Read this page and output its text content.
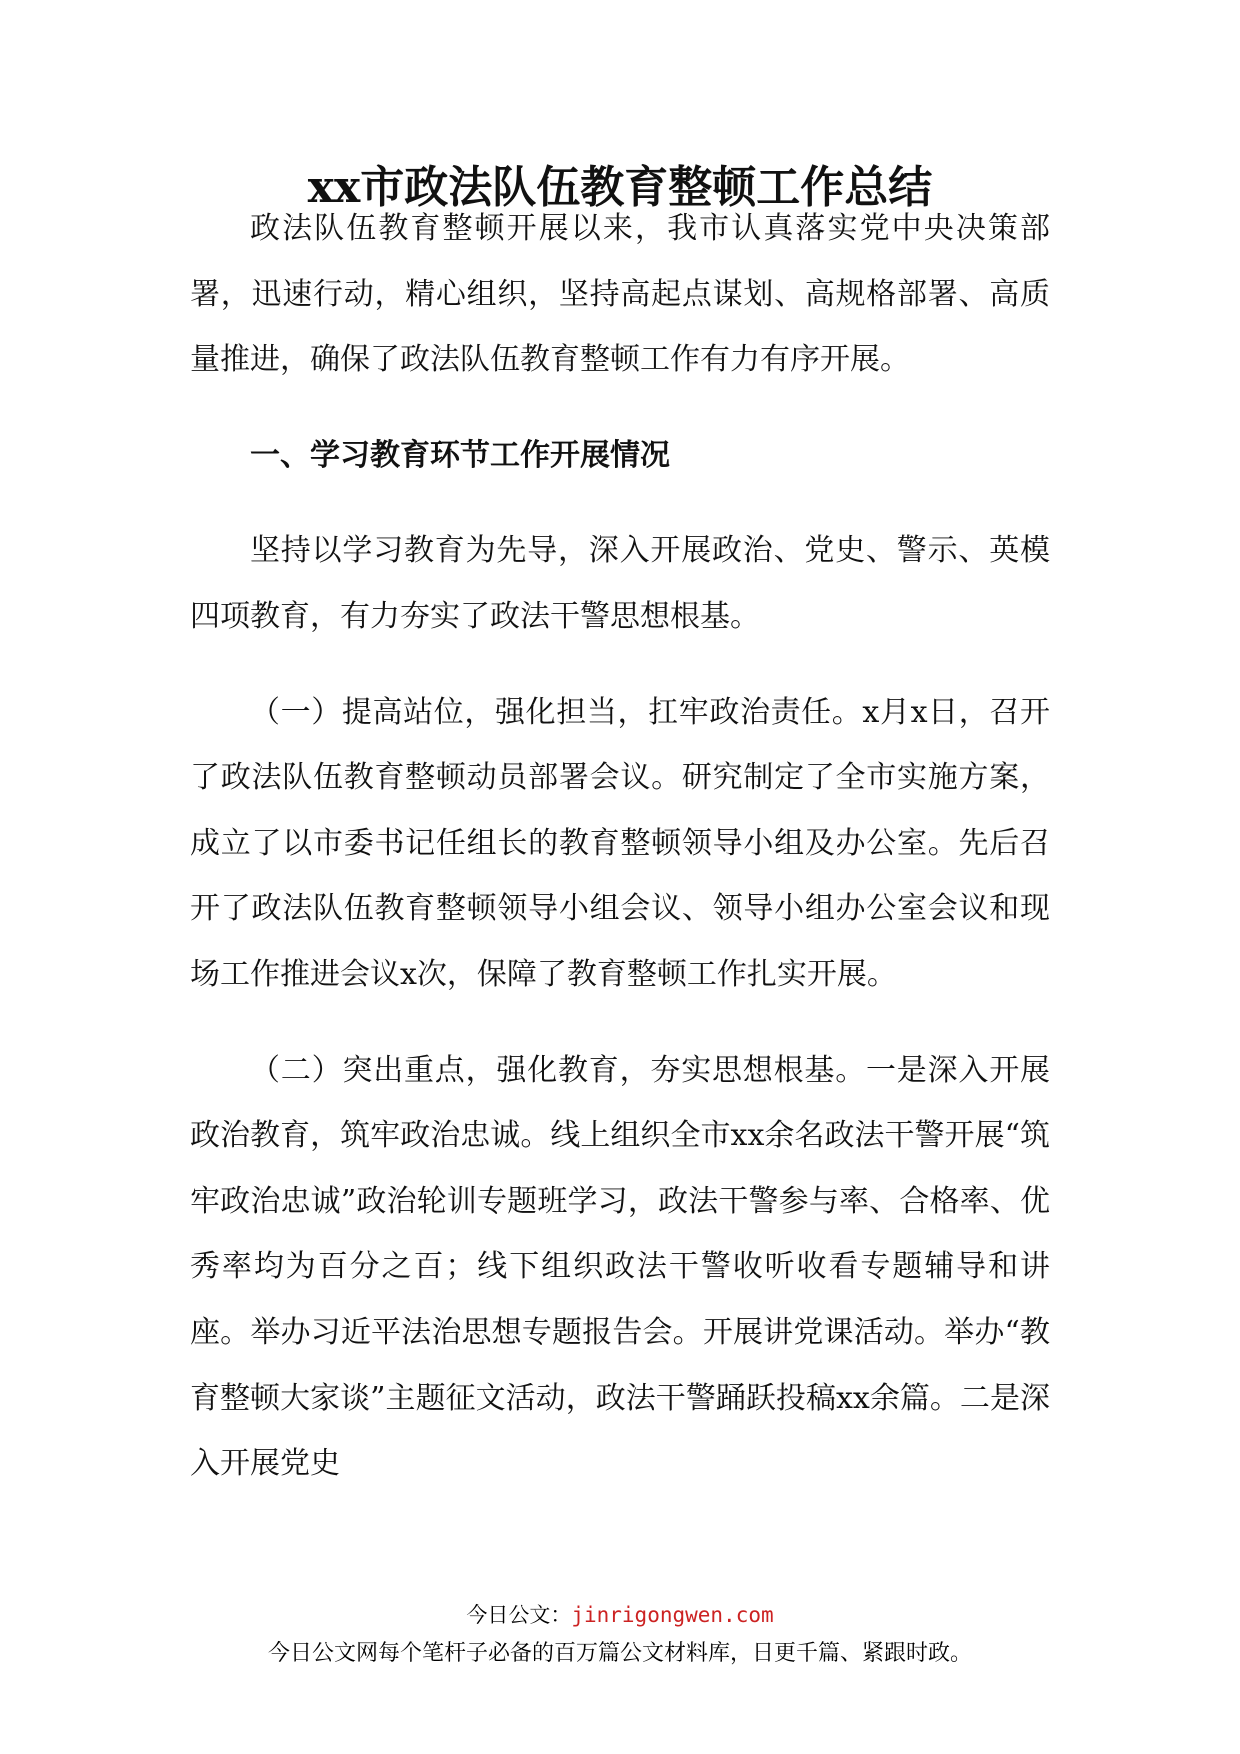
xx市政法队伍教育整顿工作总结

政法队伍教育整顿开展以来，我市认真落实党中央决策部署，迅速行动，精心组织，坚持高起点谋划、高规格部署、高质量推进，确保了政法队伍教育整顿工作有力有序开展。

一、学习教育环节工作开展情况

坚持以学习教育为先导，深入开展政治、党史、警示、英模四项教育，有力夯实了政法干警思想根基。

（一）提高站位，强化担当，扛牢政治责任。x月x日，召开了政法队伍教育整顿动员部署会议。研究制定了全市实施方案，成立了以市委书记任组长的教育整顿领导小组及办公室。先后召开了政法队伍教育整顿领导小组会议、领导小组办公室会议和现场工作推进会议x次，保障了教育整顿工作扎实开展。

（二）突出重点，强化教育，夯实思想根基。一是深入开展政治教育，筑牢政治忠诚。线上组织全市xx余名政法干警开展“筑牢政治忠诚”政治轮训专题班学习，政法干警参与率、合格率、优秀率均为百分之百；线下组织政法干警收听收看专题辅导和讲座。举办习近平法治思想专题报告会。开展讲党课活动。举办“教育整顿大家谈”主题征文活动，政法干警踊跃投稿xx余篇。二是深入开展党史

今日公文：jinrigongwen.com
今日公文网每个笔杆子必备的百万篇公文材料库，日更千篇、紧跟时政。
